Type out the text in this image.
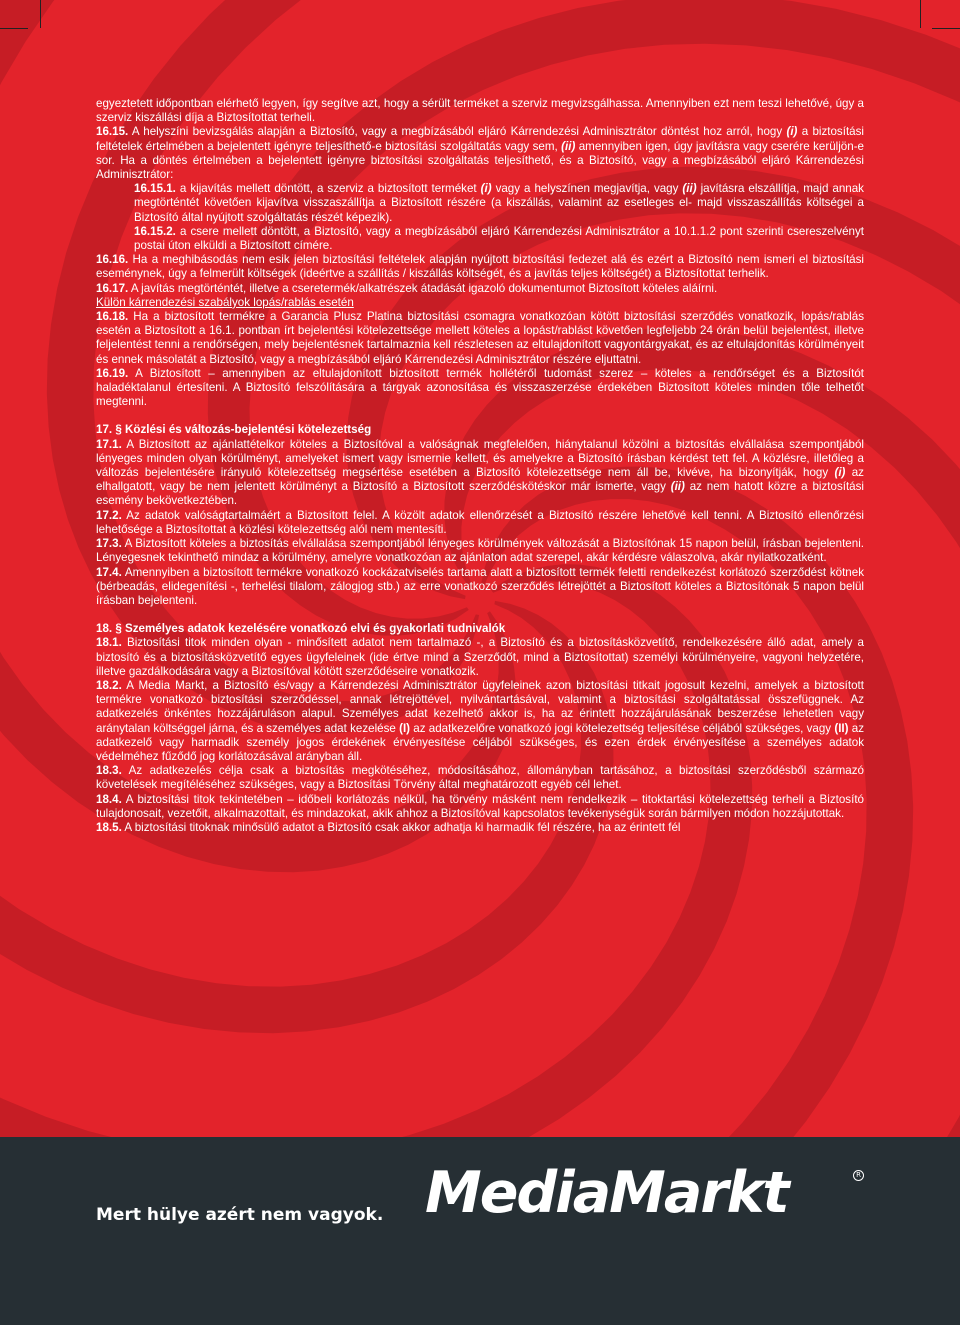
egyeztetett időpontban elérhető legyen, így segítve azt, hogy a sérült terméket a szerviz megvizsgálhassa. Amennyiben ezt nem teszi lehetővé, úgy a szerviz kiszállási díja a Biztosítottat terheli.

16.15. A helyszíni bevizsgálás alapján a Biztosító, vagy a megbízásából eljáró Kárrendezési Adminisztrátor döntést hoz arról, hogy (i) a biztosítási feltételek értelmében a bejelentett igényre teljesíthető-e biztosítási szolgáltatás vagy sem, (ii) amennyiben igen, úgy javításra vagy cserére kerüljön-e sor. Ha a döntés értelmében a bejelentett igényre biztosítási szolgáltatás teljesíthető, és a Biztosító, vagy a megbízásából eljáró Kárrendezési Adminisztrátor:

16.15.1. a kijavítás mellett döntött, a szerviz a biztosított terméket (i) vagy a helyszínen megjavítja, vagy (ii) javításra elszállítja, majd annak megtörténtét követően kijavítva visszaszállítja a Biztosított részére (a kiszállás, valamint az esetleges el- majd visszaszállítás költségei a Biztosító által nyújtott szolgáltatás részét képezik).

16.15.2. a csere mellett döntött, a Biztosító, vagy a megbízásából eljáró Kárrendezési Adminisztrátor a 10.1.1.2 pont szerinti csereszelvényt postai úton elküldi a Biztosított címére.

16.16. Ha a meghibásodás nem esik jelen biztosítási feltételek alapján nyújtott biztosítási fedezet alá és ezért a Biztosító nem ismeri el biztosítási eseménynek, úgy a felmerült költségek (ideértve a szállítás / kiszállás költségét, és a javítás teljes költségét) a Biztosítottat terhelik.

16.17. A javítás megtörténtét, illetve a cseretermék/alkatrészek átadását igazoló dokumentumot Biztosított köteles aláírni.

Külön kárrendezési szabályok lopás/rablás esetén

16.18. Ha a biztosított termékre a Garancia Plusz Platina biztosítási csomagra vonatkozóan kötött biztosítási szerződés vonatkozik, lopás/rablás esetén a Biztosított a 16.1. pontban írt bejelentési kötelezettsége mellett köteles a lopást/rablást követően legfeljebb 24 órán belül bejelentést, illetve feljelentést tenni a rendőrségen, mely bejelentésnek tartalmaznia kell részletesen az eltulajdonított vagyontárgyakat, és az eltulajdonítás körülményeit és ennek másolatát a Biztosító, vagy a megbízásából eljáró Kárrendezési Adminisztrátor részére eljuttatni.

16.19. A Biztosított – amennyiben az eltulajdonított biztosított termék hollétéről tudomást szerez – köteles a rendőrséget és a Biztosítót haladéktalanul értesíteni. A Biztosító felszólítására a tárgyak azonosítása és visszaszerzése érdekében Biztosított köteles minden tőle telhetőt megtenni.

17. § Közlési és változás-bejelentési kötelezettség

17.1. A Biztosított az ajánlattételkor köteles a Biztosítóval a valóságnak megfelelően, hiánytalanul közölni a biztosítás elvállalása szempontjából lényeges minden olyan körülményt, amelyeket ismert vagy ismernie kellett, és amelyekre a Biztosító írásban kérdést tett fel. A közlésre, illetőleg a változás bejelentésére irányuló kötelezettség megsértése esetében a Biztosító kötelezettsége nem áll be, kivéve, ha bizonyítják, hogy (i) az elhallgatott, vagy be nem jelentett körülményt a Biztosító a Biztosított szerződéskötéskor már ismerte, vagy (ii) az nem hatott közre a biztosítási esemény bekövetkeztében.

17.2. Az adatok valóságtartalmáért a Biztosított felel. A közölt adatok ellenőrzését a Biztosító részére lehetővé kell tenni. A Biztosító ellenőrzési lehetősége a Biztosítottat a közlési kötelezettség alól nem mentesíti.

17.3. A Biztosított köteles a biztosítás elvállalása szempontjából lényeges körülmények változását a Biztosítónak 15 napon belül, írásban bejelenteni. Lényegesnek tekinthető mindaz a körülmény, amelyre vonatkozóan az ajánlaton adat szerepel, akár kérdésre válaszolva, akár nyilatkozatként.

17.4. Amennyiben a biztosított termékre vonatkozó kockázatviselés tartama alatt a biztosított termék feletti rendelkezést korlátozó szerződést kötnek (bérbeadás, elidegenítési -, terhelési tilalom, zálogjog stb.) az erre vonatkozó szerződés létrejöttét a Biztosított köteles a Biztosítónak 5 napon belül írásban bejelenteni.

18. § Személyes adatok kezelésére vonatkozó elvi és gyakorlati tudnivalók

18.1. Biztosítási titok minden olyan - minősített adatot nem tartalmazó -, a Biztosító és a biztosításközvetítő, rendelkezésére álló adat, amely a biztosító és a biztosításközvetítő egyes ügyfeleinek (ide értve mind a Szerződőt, mind a Biztosítottat) személyi körülményeire, vagyoni helyzetére, illetve gazdálkodására vagy a Biztosítóval kötött szerződéseire vonatkozik.

18.2. A Media Markt, a Biztosító és/vagy a Kárrendezési Adminisztrátor ügyfeleinek azon biztosítási titkait jogosult kezelni, amelyek a biztosított termékre vonatkozó biztosítási szerződéssel, annak létrejöttével, nyilvántartásával, valamint a biztosítási szolgáltatással összefüggnek. Az adatkezelés önkéntes hozzájáruláson alapul. Személyes adat kezelhető akkor is, ha az érintett hozzájárulásának beszerzése lehetetlen vagy aránytalan költséggel járna, és a személyes adat kezelése (I) az adatkezelőre vonatkozó jogi kötelezettség teljesítése céljából szükséges, vagy (II) az adatkezelő vagy harmadik személy jogos érdekének érvényesítése céljából szükséges, és ezen érdek érvényesítése a személyes adatok védelméhez fűződő jog korlátozásával arányban áll.

18.3. Az adatkezelés célja csak a biztosítás megkötéséhez, módosításához, állományban tartásához, a biztosítási szerződésből származó követelések megítéléséhez szükséges, vagy a Biztosítási Törvény által meghatározott egyéb cél lehet.

18.4. A biztosítási titok tekintetében – időbeli korlátozás nélkül, ha törvény másként nem rendelkezik – titoktartási kötelezettség terheli a Biztosító tulajdonosait, vezetőit, alkalmazottait, és mindazokat, akik ahhoz a Biztosítóval kapcsolatos tevékenységük során bármilyen módon hozzájutottak.

18.5. A biztosítási titoknak minősülő adatot a Biztosító csak akkor adhatja ki harmadik fél részére, ha az érintett fél

Mert hülye azért nem vagyok. MediaMarkt	R
